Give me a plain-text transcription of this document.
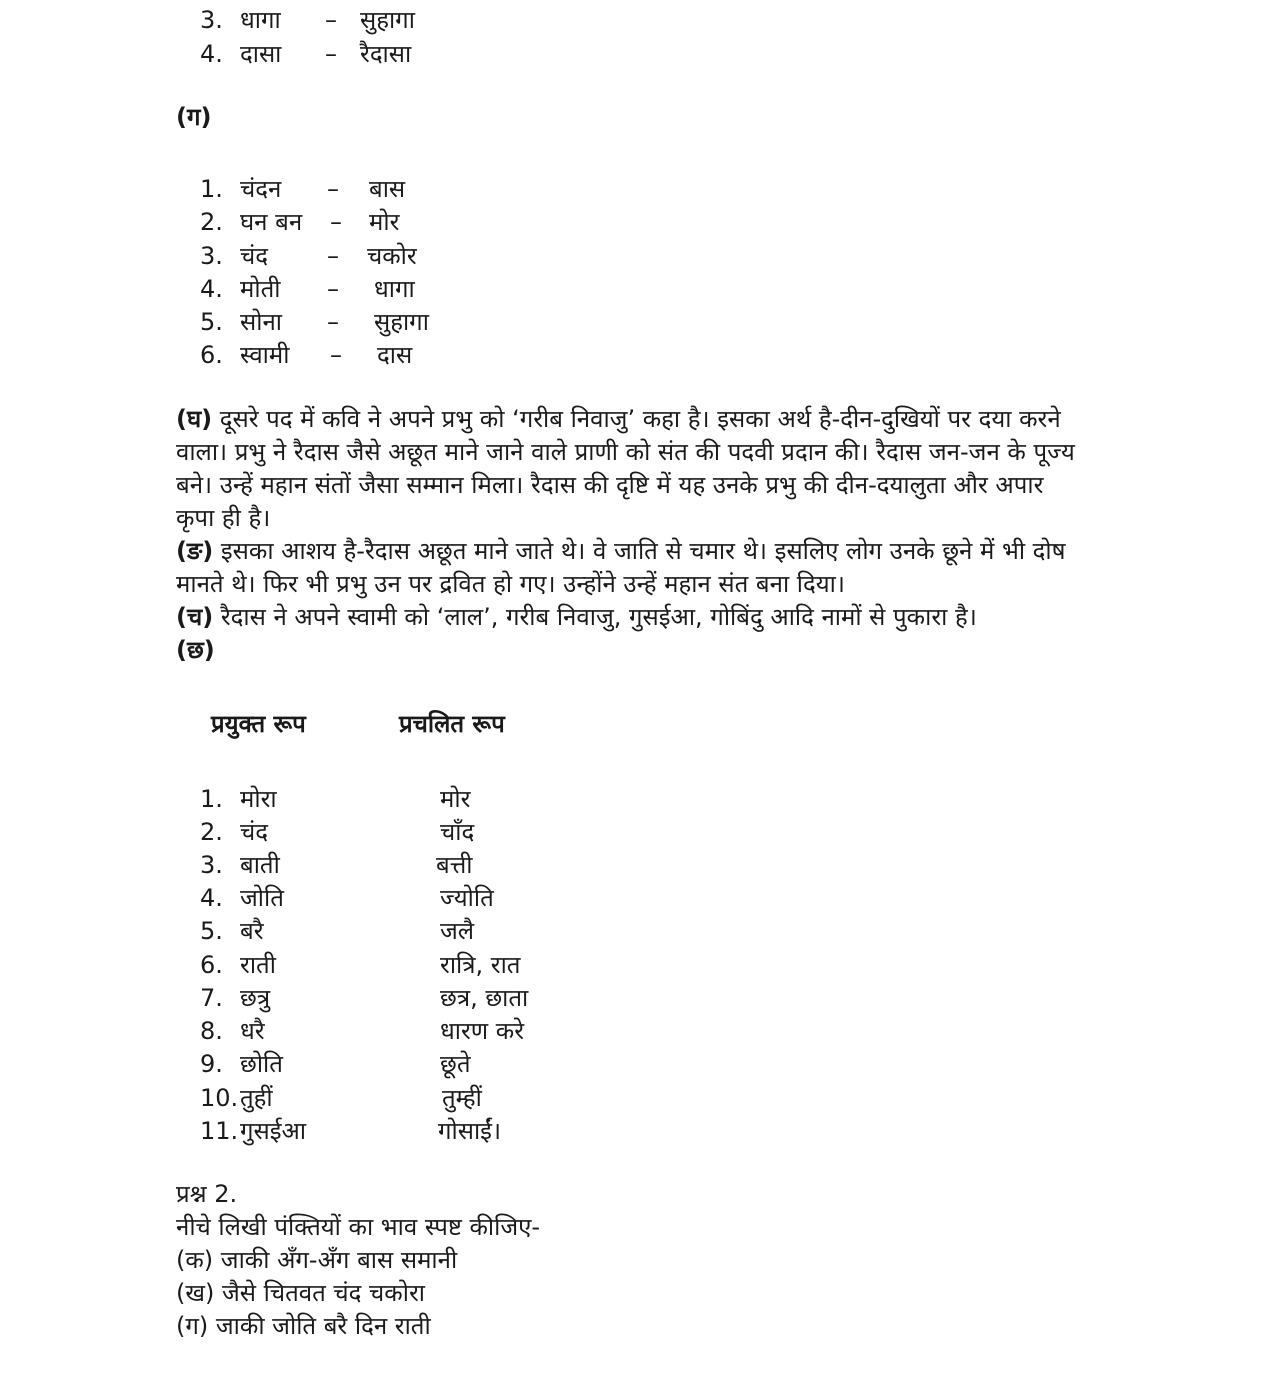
3. धागा – सुहागा
4. दासा – रैदासा
(ग)
1. चंदन – बास
2. घन बन – मोर
3. चंद – चकोर
4. मोती – धागा
5. सोना – सुहागा
6. स्वामी – दास
(घ) दूसरे पद में कवि ने अपने प्रभु को ‘गरीब निवाजु’ कहा है। इसका अर्थ है-दीन-दुखियों पर दया करने
वाला। प्रभु ने रैदास जैसे अछूत माने जाने वाले प्राणी को संत की पदवी प्रदान की। रैदास जन-जन के पूज्य
बने। उन्हें महान संतों जैसा सम्मान मिला। रैदास की दृष्टि में यह उनके प्रभु की दीन-दयालुता और अपार
कृपा ही है।
(ङ) इसका आशय है-रैदास अछूत माने जाते थे। वे जाति से चमार थे। इसलिए लोग उनके छूने में भी दोष
मानते थे। फिर भी प्रभु उन पर द्रवित हो गए। उन्होंने उन्हें महान संत बना दिया।
(च) रैदास ने अपने स्वामी को ‘लाल’, गरीब निवाजु, गुसईआ, गोबिंदु आदि नामों से पुकारा है।
(छ)
प्रयुक्त रूप	प्रचलित रूप
1. मोरा	मोर
2. चंद	चाँद
3. बाती	बत्ती
4. जोति	ज्योति
5. बरै	जलै
6. राती	रात्रि, रात
7. छत्रु	छत्र, छाता
8. धरै	धारण करे
9. छोति	छूते
10. तुहीं	तुम्हीं
11. गुसईआ	गोसाईं।
प्रश्न 2.
नीचे लिखी पंक्तियों का भाव स्पष्ट कीजिए-
(क) जाकी अँग-अँग बास समानी
(ख) जैसे चितवत चंद चकोरा
(ग) जाकी जोति बरै दिन राती
